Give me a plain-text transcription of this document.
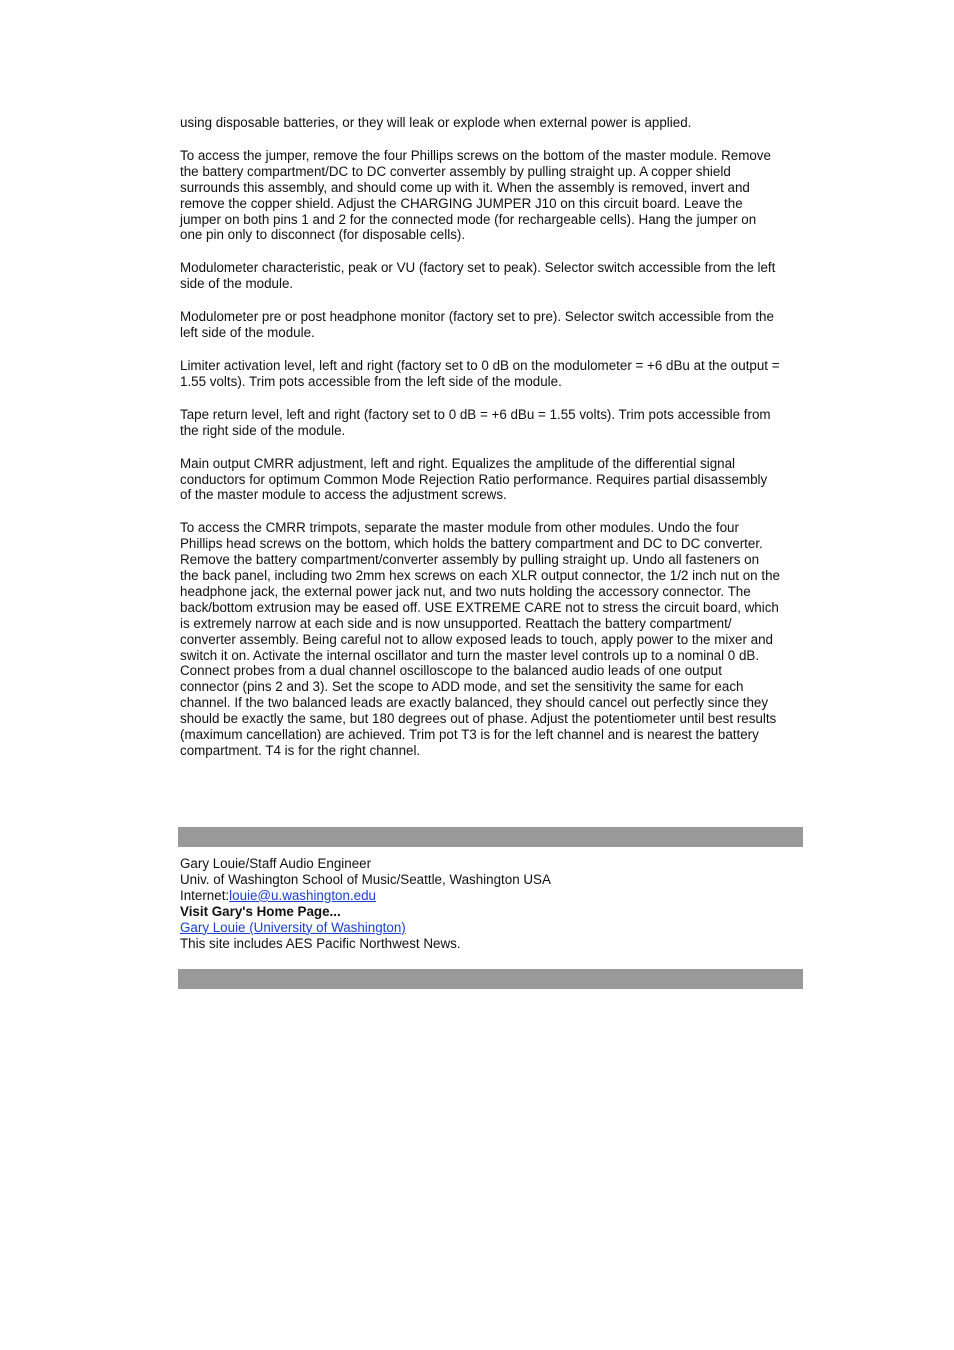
using disposable batteries, or they will leak or explode when external power is applied.

To access the jumper, remove the four Phillips screws on the bottom of the master module. Remove the battery compartment/DC to DC converter assembly by pulling straight up. A copper shield surrounds this assembly, and should come up with it. When the assembly is removed, invert and remove the copper shield. Adjust the CHARGING JUMPER J10 on this circuit board. Leave the jumper on both pins 1 and 2 for the connected mode (for rechargeable cells). Hang the jumper on one pin only to disconnect (for disposable cells).

Modulometer characteristic, peak or VU (factory set to peak). Selector switch accessible from the left side of the module.

Modulometer pre or post headphone monitor (factory set to pre). Selector switch accessible from the left side of the module.

Limiter activation level, left and right (factory set to 0 dB on the modulometer = +6 dBu at the output = 1.55 volts). Trim pots accessible from the left side of the module.

Tape return level, left and right (factory set to 0 dB = +6 dBu = 1.55 volts). Trim pots accessible from the right side of the module.

Main output CMRR adjustment, left and right. Equalizes the amplitude of the differential signal conductors for optimum Common Mode Rejection Ratio performance. Requires partial disassembly of the master module to access the adjustment screws.

To access the CMRR trimpots, separate the master module from other modules. Undo the four Phillips head screws on the bottom, which holds the battery compartment and DC to DC converter. Remove the battery compartment/converter assembly by pulling straight up. Undo all fasteners on the back panel, including two 2mm hex screws on each XLR output connector, the 1/2 inch nut on the headphone jack, the external power jack nut, and two nuts holding the accessory connector. The back/bottom extrusion may be eased off. USE EXTREME CARE not to stress the circuit board, which is extremely narrow at each side and is now unsupported. Reattach the battery compartment/ converter assembly. Being careful not to allow exposed leads to touch, apply power to the mixer and switch it on. Activate the internal oscillator and turn the master level controls up to a nominal 0 dB. Connect probes from a dual channel oscilloscope to the balanced audio leads of one output connector (pins 2 and 3). Set the scope to ADD mode, and set the sensitivity the same for each channel. If the two balanced leads are exactly balanced, they should cancel out perfectly since they should be exactly the same, but 180 degrees out of phase. Adjust the potentiometer until best results (maximum cancellation) are achieved. Trim pot T3 is for the left channel and is nearest the battery compartment. T4 is for the right channel.

Gary Louie/Staff Audio Engineer
Univ. of Washington School of Music/Seattle, Washington USA
Internet:louie@u.washington.edu
Visit Gary's Home Page...
Gary Louie (University of Washington)
This site includes AES Pacific Northwest News.
